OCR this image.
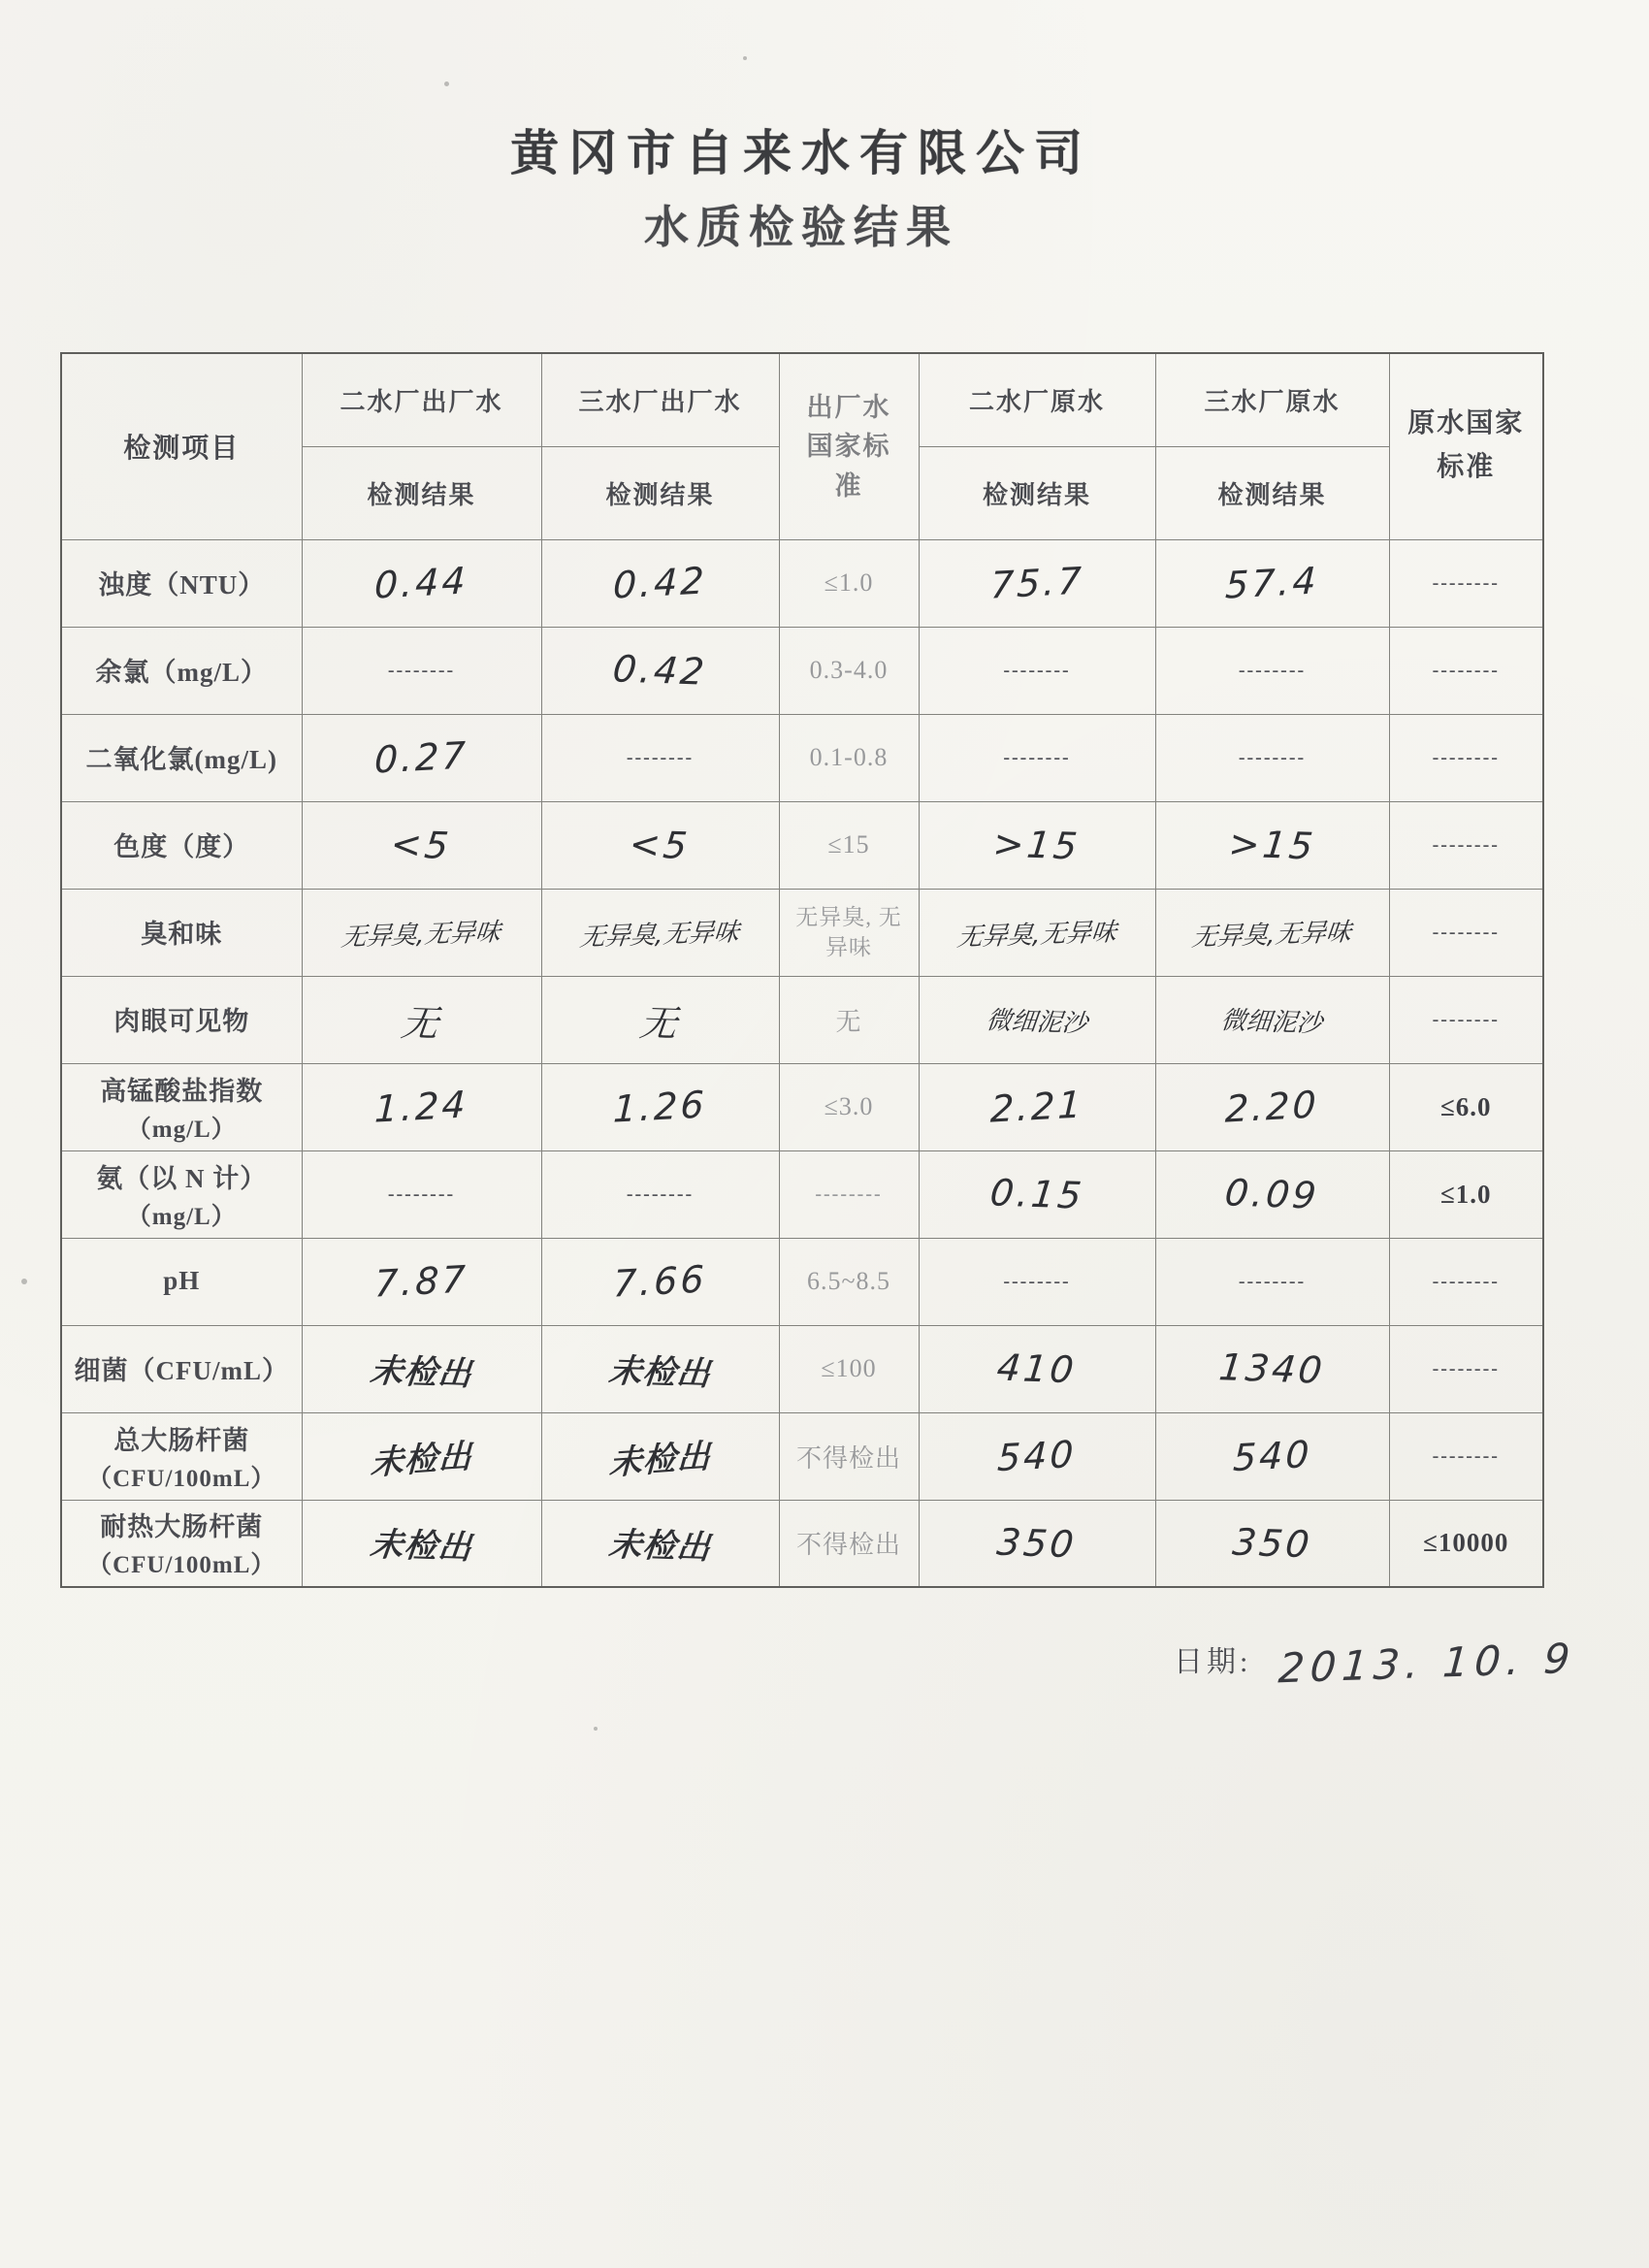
黄冈市自来水有限公司
水质检验结果
检测项目	二水厂出厂水	三水厂出厂水	出厂水国家标准	二水厂原水	三水厂原水	原水国家标准
	检测结果	检测结果		检测结果	检测结果	
浊度（NTU）	0.44	0.42	≤1.0	75.7	57.4	--------
余氯（mg/L）	--------	0.42	0.3-4.0	--------	--------	--------
二氧化氯(mg/L)	0.27	--------	0.1-0.8	--------	--------	--------
色度（度）	<5	<5	≤15	>15	>15	--------
臭和味	无异臭,无异味	无异臭,无异味	无异臭, 无异味	无异臭,无异味	无异臭,无异味	--------
肉眼可见物	无	无	无	微细泥沙	微细泥沙	--------
高锰酸盐指数
（mg/L）	1.24	1.26	≤3.0	2.21	2.20	≤6.0
氨（以 N 计）
（mg/L）	--------	--------	--------	0.15	0.09	≤1.0
pH	7.87	7.66	6.5~8.5	--------	--------	--------
细菌（CFU/mL）	未检出	未检出	≤100	410	1340	--------
总大肠杆菌
（CFU/100mL）	未检出	未检出	不得检出	540	540	--------
耐热大肠杆菌
（CFU/100mL）	未检出	未检出	不得检出	350	350	≤10000
日期: 2013. 10. 9
